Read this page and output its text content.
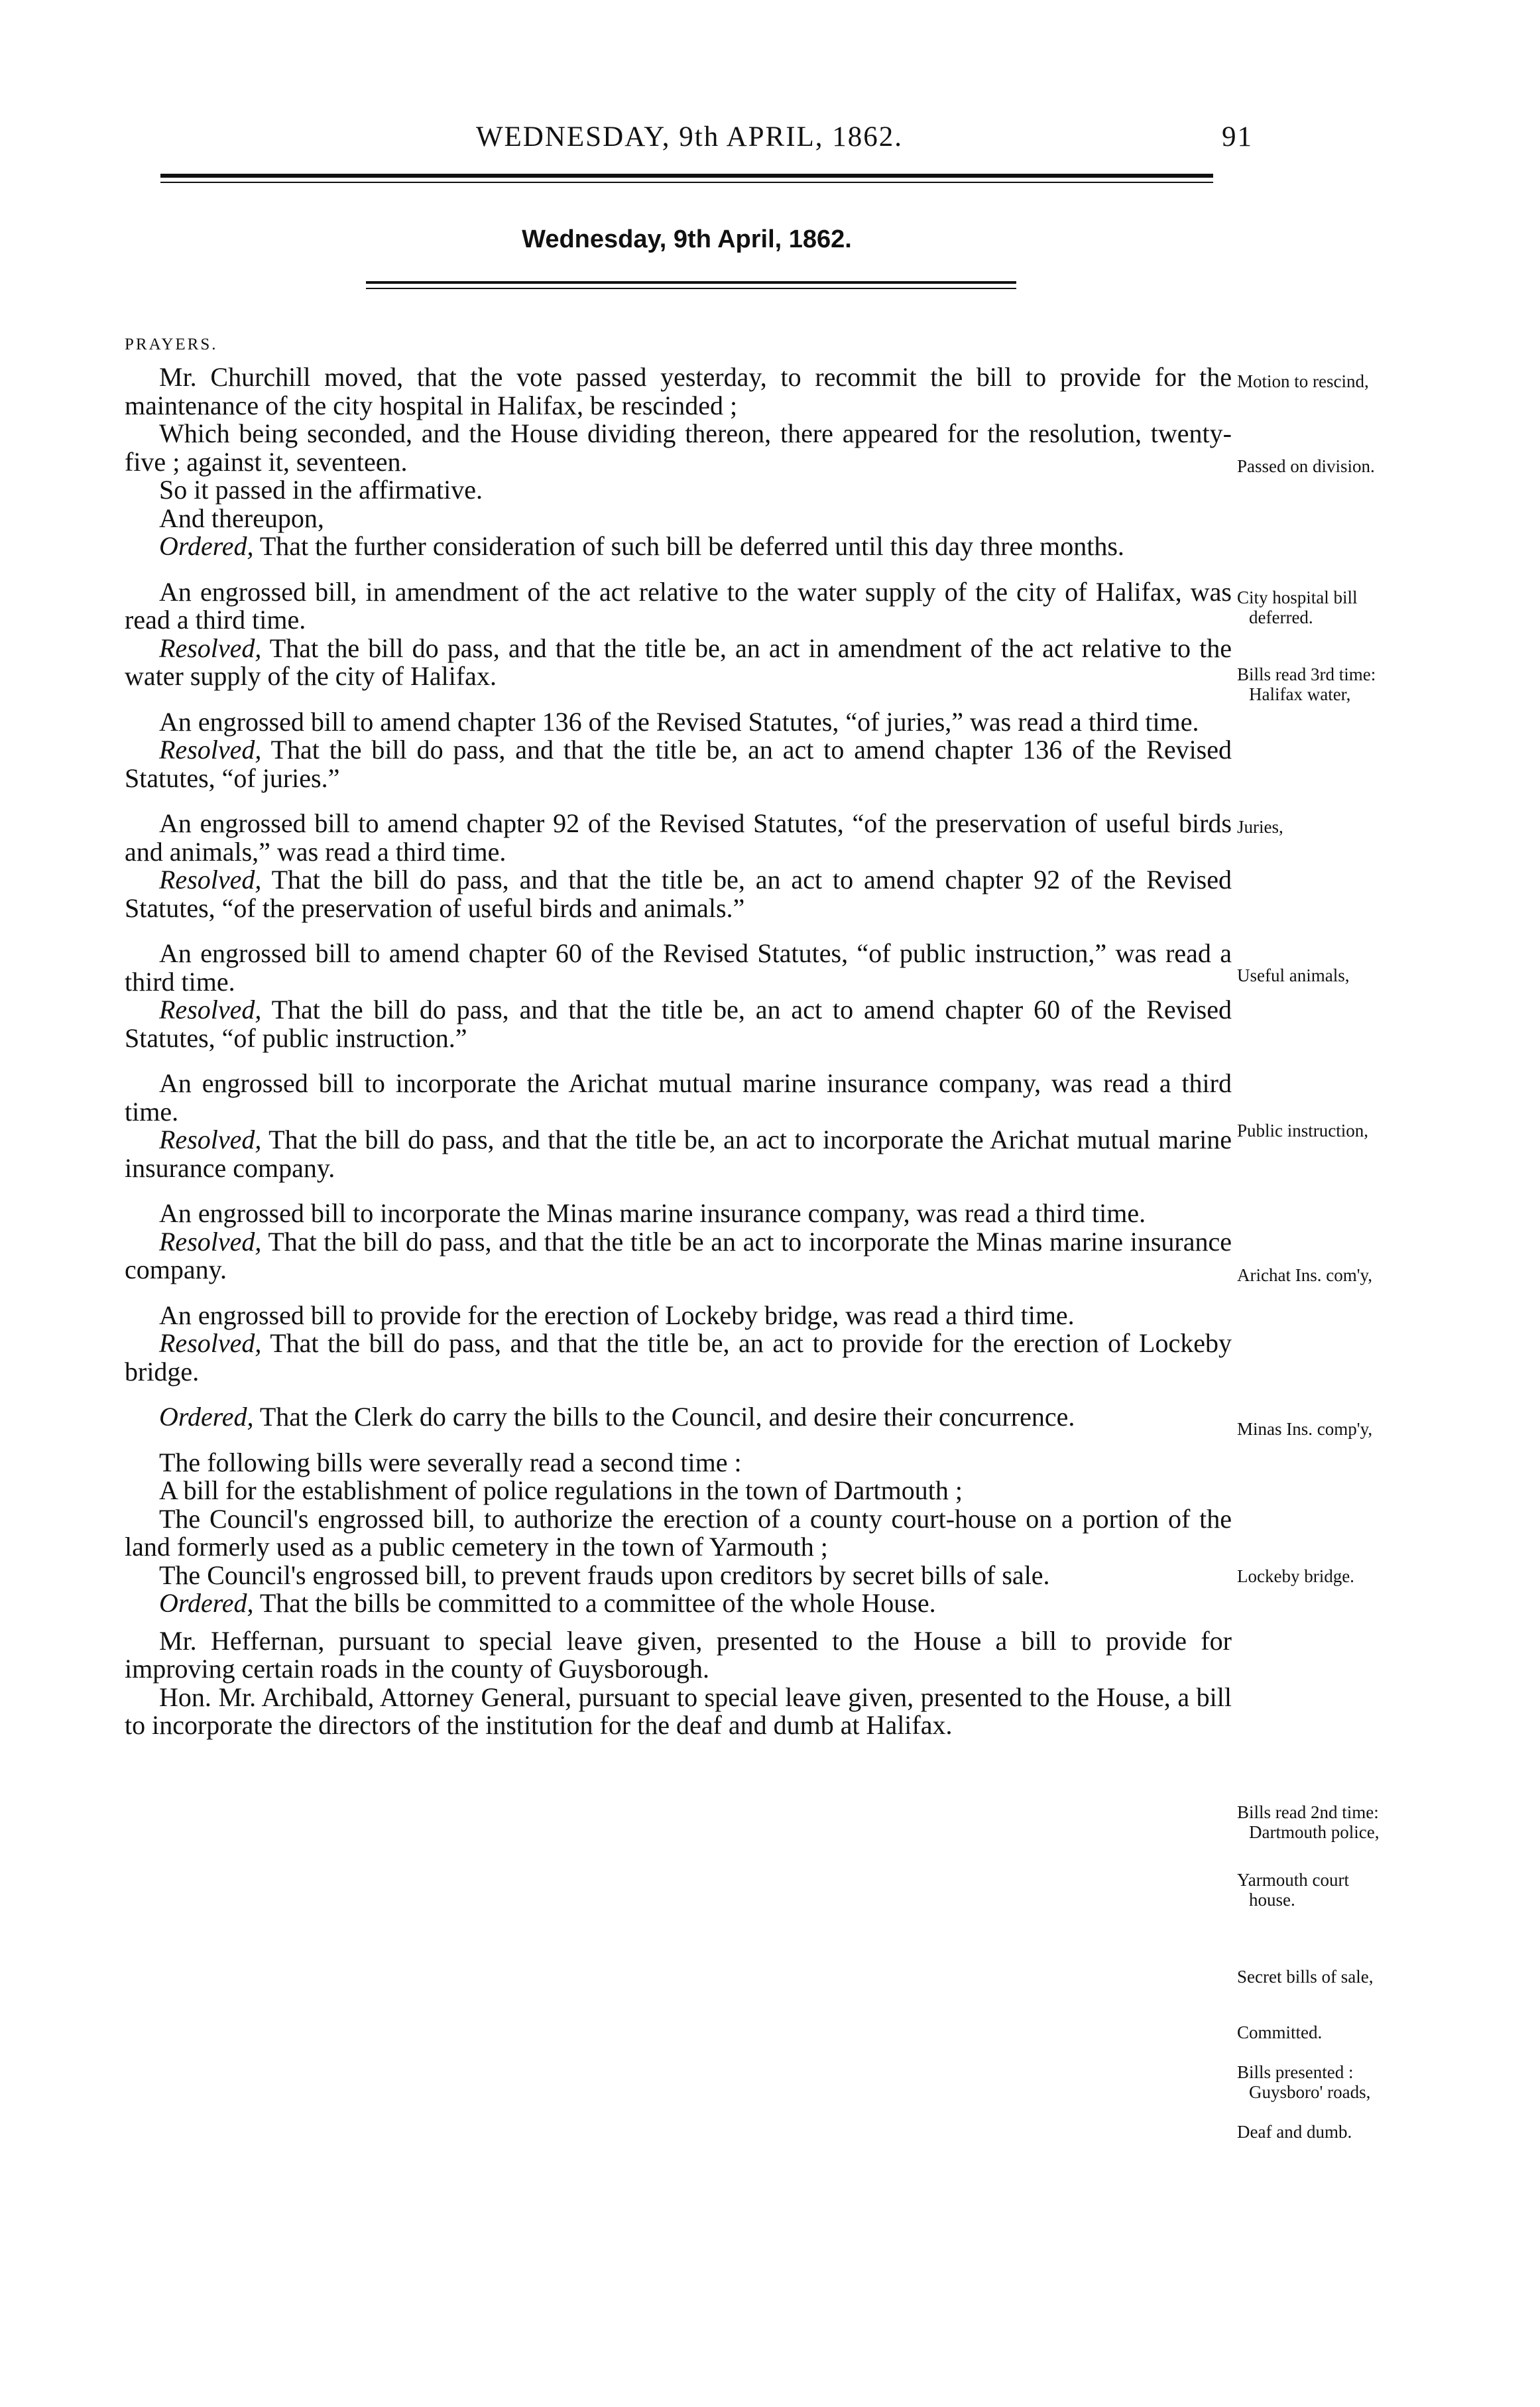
WEDNESDAY, 9th APRIL, 1862.	91
Wednesday, 9th April, 1862.
PRAYERS.

Mr. Churchill moved, that the vote passed yesterday, to recommit the bill to provide for the maintenance of the city hospital in Halifax, be rescinded ;

Which being seconded, and the House dividing thereon, there appeared for the resolution, twenty-five ; against it, seventeen.

So it passed in the affirmative.

And thereupon,

Ordered, That the further consideration of such bill be deferred until this day three months.

An engrossed bill, in amendment of the act relative to the water supply of the city of Halifax, was read a third time.

Resolved, That the bill do pass, and that the title be, an act in amendment of the act relative to the water supply of the city of Halifax.

An engrossed bill to amend chapter 136 of the Revised Statutes, “of juries,” was read a third time.

Resolved, That the bill do pass, and that the title be, an act to amend chapter 136 of the Revised Statutes, “of juries.”

An engrossed bill to amend chapter 92 of the Revised Statutes, “of the preservation of useful birds and animals,” was read a third time.

Resolved, That the bill do pass, and that the title be, an act to amend chapter 92 of the Revised Statutes, “of the preservation of useful birds and animals.”

An engrossed bill to amend chapter 60 of the Revised Statutes, “of public instruction,” was read a third time.

Resolved, That the bill do pass, and that the title be, an act to amend chapter 60 of the Revised Statutes, “of public instruction.”

An engrossed bill to incorporate the Arichat mutual marine insurance company, was read a third time.

Resolved, That the bill do pass, and that the title be, an act to incorporate the Arichat mutual marine insurance company.

An engrossed bill to incorporate the Minas marine insurance company, was read a third time.

Resolved, That the bill do pass, and that the title be an act to incorporate the Minas marine insurance company.

An engrossed bill to provide for the erection of Lockeby bridge, was read a third time.

Resolved, That the bill do pass, and that the title be, an act to provide for the erection of Lockeby bridge.

Ordered, That the Clerk do carry the bills to the Council, and desire their concurrence.

The following bills were severally read a second time :

A bill for the establishment of police regulations in the town of Dartmouth ;

The Council's engrossed bill, to authorize the erection of a county court-house on a portion of the land formerly used as a public cemetery in the town of Yarmouth ;

The Council's engrossed bill, to prevent frauds upon creditors by secret bills of sale.

Ordered, That the bills be committed to a committee of the whole House.

Mr. Heffernan, pursuant to special leave given, presented to the House a bill to provide for improving certain roads in the county of Guysborough.

Hon. Mr. Archibald, Attorney General, pursuant to special leave given, presented to the House, a bill to incorporate the directors of the institution for the deaf and dumb at Halifax.

Motion to rescind,
Passed on division.
City hospital bill
deferred.
Bills read 3rd time:
Halifax water,
Juries,
Useful animals,
Public instruction,
Arichat Ins. com'y,
Minas Ins. comp'y,
Lockeby bridge.
Bills read 2nd time:
Dartmouth police,
Yarmouth court
house.
Secret bills of sale,
Committed.
Bills presented :
Guysboro' roads,
Deaf and dumb.
